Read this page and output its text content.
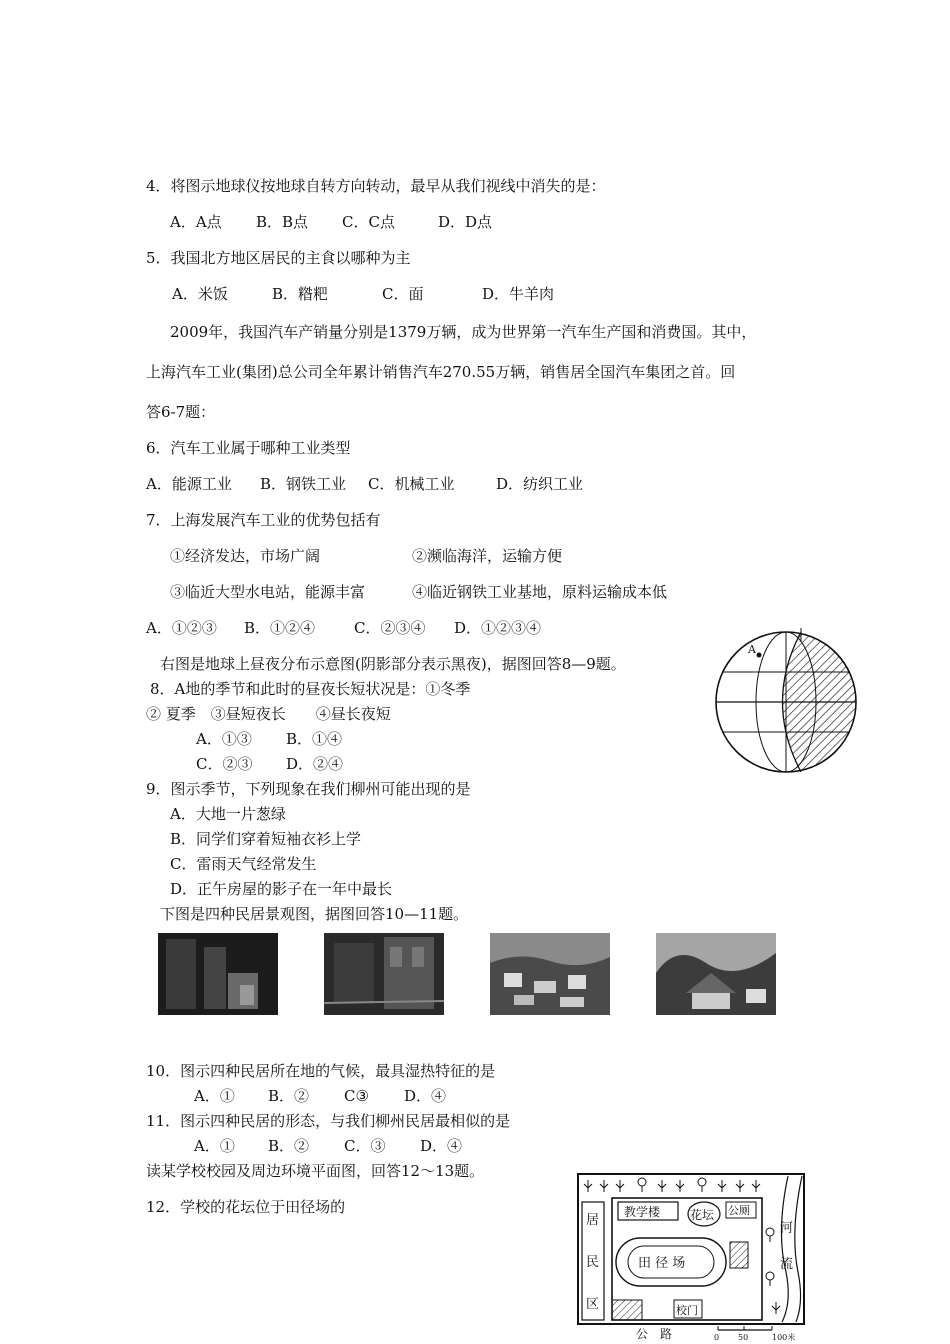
4．将图示地球仪按地球自转方向转动，最早从我们视线中消失的是：
A．A点 B．B点 C．C点	D．D点
5．我国北方地区居民的主食以哪种为主
A．米饭	B．糌粑	C．面	D．牛羊肉
2009年，我国汽车产销量分别是1379万辆，成为世界第一汽车生产国和消费国。其中，
上海汽车工业(集团)总公司全年累计销售汽车270.55万辆，销售居全国汽车集团之首。回
答6-7题：
6．汽车工业属于哪种工业类型
A．能源工业 B．钢铁工业 C．机械工业	D．纺织工业
7．上海发展汽车工业的优势包括有
①经济发达，市场广阔	②濒临海洋，运输方便
③临近大型水电站，能源丰富	④临近钢铁工业基地，原料运输成本低
A．①②③ B．①②④	C．②③④ D．①②③④
右图是地球上昼夜分布示意图(阴影部分表示黑夜)，据图回答8—9题。
8．A地的季节和此时的昼夜长短状况是：①冬季
② 夏季　③昼短夜长　　④昼长夜短
A．①③ B．①④
C．②③ D．②④
A
9．图示季节，下列现象在我们柳州可能出现的是
A．大地一片葱绿
B．同学们穿着短袖衣衫上学
C．雷雨天气经常发生
D．正午房屋的影子在一年中最长
下图是四种民居景观图，据图回答10—11题。
10．图示四种民居所在地的气候，最具湿热特征的是
A．① B．② C③ D．④
11．图示四种民居的形态，与我们柳州民居最相似的是
A．① B．② C．③ D．④
读某学校校园及周边环境平面图，回答12～13题。
12．学校的花坛位于田径场的
居
民
区
教学楼 花坛 公厕
田 径 场
校门
河
流
公　路	0 50	100米
